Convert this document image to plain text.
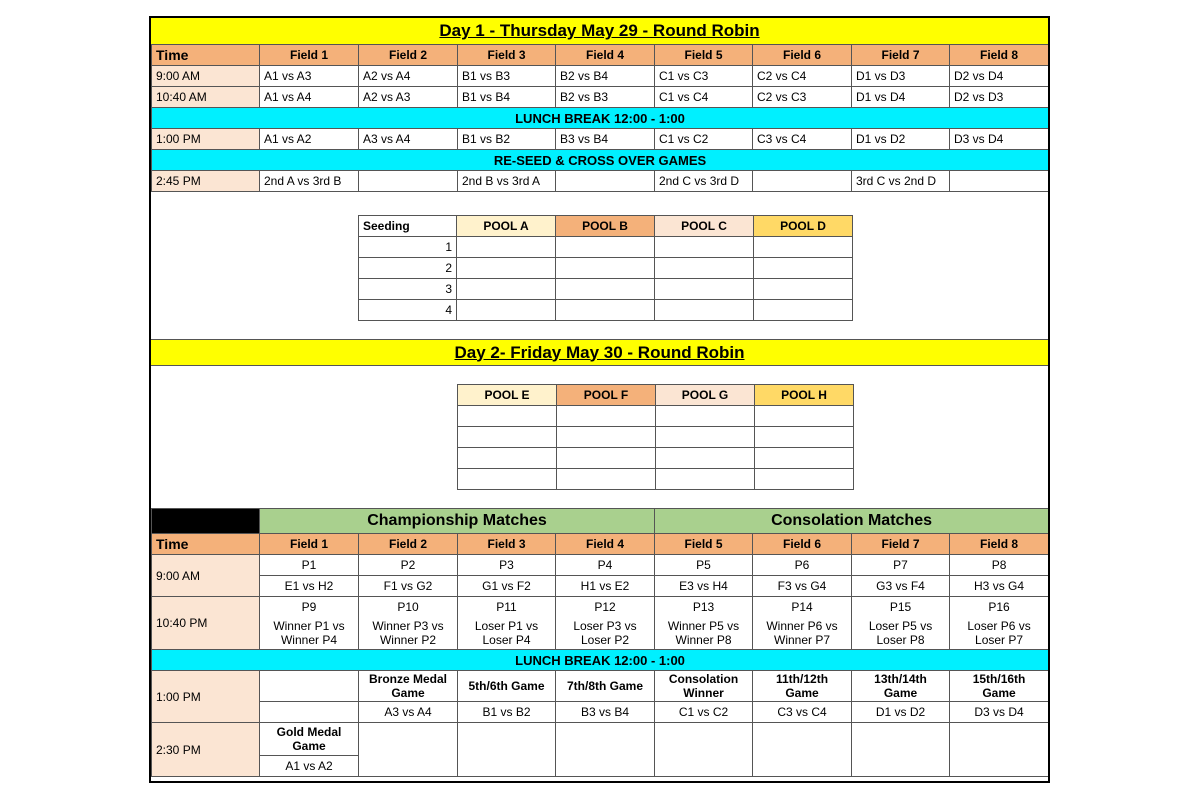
Day 1 - Thursday May 29 - Round Robin
Time	Field 1	Field 2	Field 3	Field 4	Field 5	Field 6	Field 7	Field 8
9:00 AM	A1 vs A3	A2 vs A4	B1 vs B3	B2 vs B4	C1 vs C3	C2 vs C4	D1 vs D3	D2 vs D4
10:40 AM	A1 vs A4	A2 vs A3	B1 vs B4	B2 vs B3	C1 vs C4	C2 vs C3	D1 vs D4	D2 vs D3
LUNCH BREAK 12:00 - 1:00								
1:00 PM	A1 vs A2	A3 vs A4	B1 vs B2	B3 vs B4	C1 vs C2	C3 vs C4	D1 vs D2	D3 vs D4
RE-SEED & CROSS OVER GAMES								
2:45 PM	2nd A vs 3rd B		2nd B vs 3rd A		2nd C vs 3rd D		3rd C vs 2nd D	
Seeding	POOL A	POOL B	POOL C	POOL D
1				
2				
3				
4				
Day 2- Friday May 30 - Round Robin
POOL E	POOL F	POOL G	POOL H

	Championship Matches				Consolation Matches			
Time	Field 1	Field 2	Field 3	Field 4	Field 5	Field 6	Field 7	Field 8
9:00 AM	P1	P2	P3	P4	P5	P6	P7	P8
	E1 vs H2	F1 vs G2	G1 vs F2	H1 vs E2	E3 vs H4	F3 vs G4	G3 vs F4	H3 vs G4
10:40 PM	P9	P10	P11	P12	P13	P14	P15	P16
	Winner P1 vs Winner P4	Winner P3 vs Winner P2	Loser P1 vs Loser P4	Loser P3 vs Loser P2	Winner P5 vs Winner P8	Winner P6 vs Winner P7	Loser P5 vs Loser P8	Loser P6 vs Loser P7
LUNCH BREAK 12:00 - 1:00								
1:00 PM		Bronze Medal Game	5th/6th Game	7th/8th Game	Consolation Winner	11th/12th Game	13th/14th Game	15th/16th Game
		A3 vs A4	B1 vs B2	B3 vs B4	C1 vs C2	C3 vs C4	D1 vs D2	D3 vs D4
2:30 PM	Gold Medal Game							
	A1 vs A2							
